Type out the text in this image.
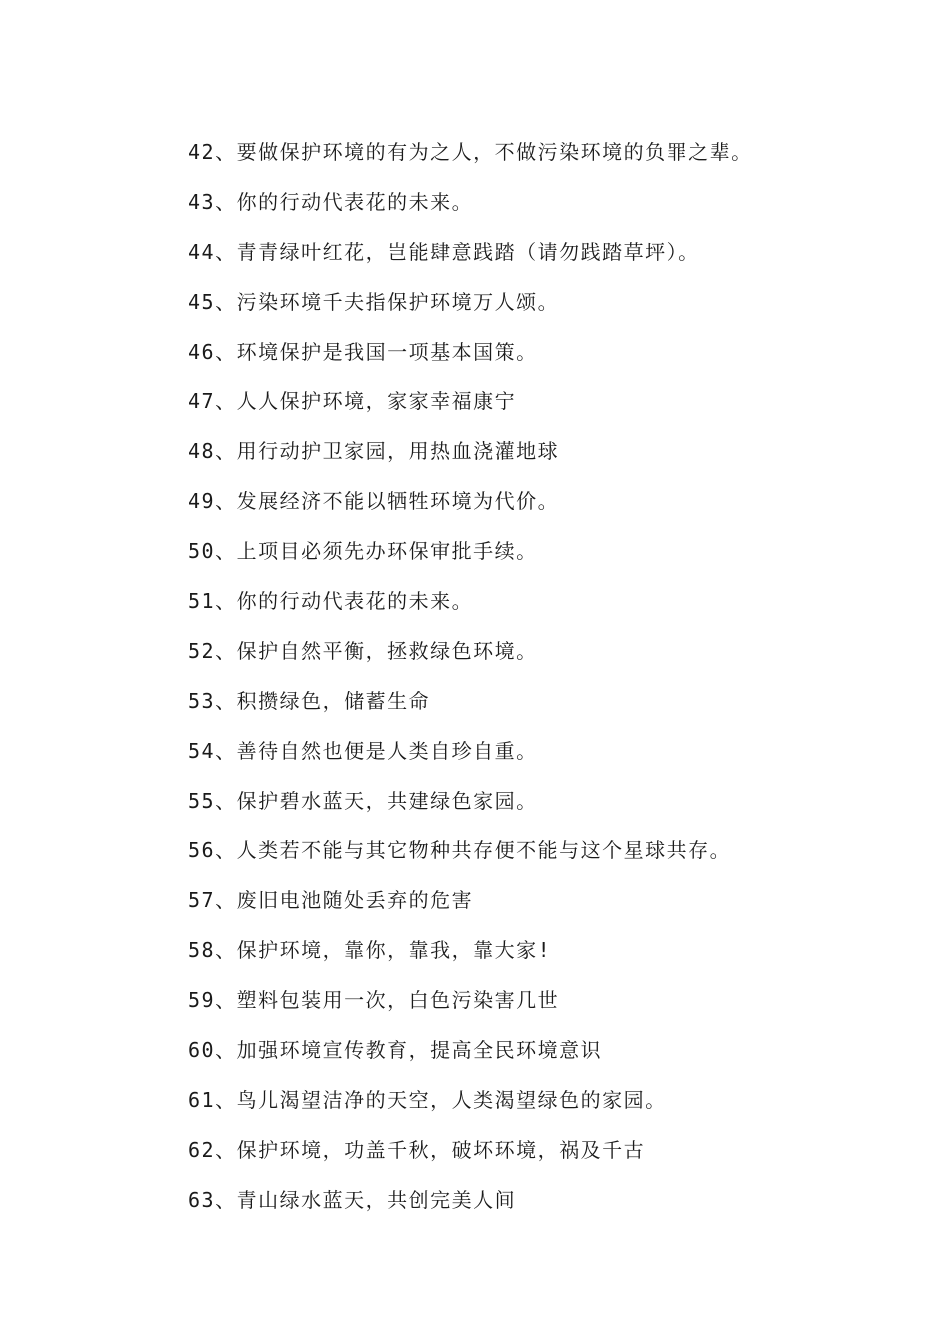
42、要做保护环境的有为之人，不做污染环境的负罪之辈。
43、你的行动代表花的未来。
44、青青绿叶红花，岂能肆意践踏（请勿践踏草坪）。
45、污染环境千夫指保护环境万人颂。
46、环境保护是我国一项基本国策。
47、人人保护环境，家家幸福康宁
48、用行动护卫家园，用热血浇灌地球
49、发展经济不能以牺牲环境为代价。
50、上项目必须先办环保审批手续。
51、你的行动代表花的未来。
52、保护自然平衡，拯救绿色环境。
53、积攒绿色，储蓄生命
54、善待自然也便是人类自珍自重。
55、保护碧水蓝天，共建绿色家园。
56、人类若不能与其它物种共存便不能与这个星球共存。
57、废旧电池随处丢弃的危害
58、保护环境，靠你，靠我，靠大家!
59、塑料包装用一次，白色污染害几世
60、加强环境宣传教育，提高全民环境意识
61、鸟儿渴望洁净的天空，人类渴望绿色的家园。
62、保护环境，功盖千秋，破坏环境，祸及千古
63、青山绿水蓝天，共创完美人间
